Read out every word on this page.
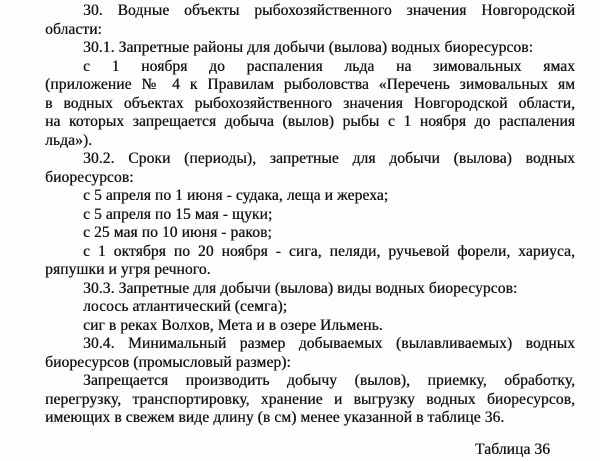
30. Водные объекты рыбохозяйственного значения Новгородской
области:
30.1. Запретные районы для добычи (вылова) водных биоресурсов:
с 1 ноября до распаления льда на зимовальных ямах
(приложение № 4 к Правилам рыболовства «Перечень зимовальных ям
в водных объектах рыбохозяйственного значения Новгородской области,
на которых запрещается добыча (вылов) рыбы с 1 ноября до распаления
льда»).
30.2. Сроки (периоды), запретные для добычи (вылова) водных
биоресурсов:
с 5 апреля по 1 июня - судака, леща и жереха;
с 5 апреля по 15 мая - щуки;
с 25 мая по 10 июня - раков;
с 1 октября по 20 ноября - сига, пеляди, ручьевой форели, хариуса,
ряпушки и угря речного.
30.3. Запретные для добычи (вылова) виды водных биоресурсов:
лосось атлантический (семга);
сиг в реках Волхов, Мета и в озере Ильмень.
30.4. Минимальный размер добываемых (вылавливаемых) водных
биоресурсов (промысловый размер):
Запрещается производить добычу (вылов), приемку, обработку,
перегрузку, транспортировку, хранение и выгрузку водных биоресурсов,
имеющих в свежем виде длину (в см) менее указанной в таблице 36.
Таблица 36
